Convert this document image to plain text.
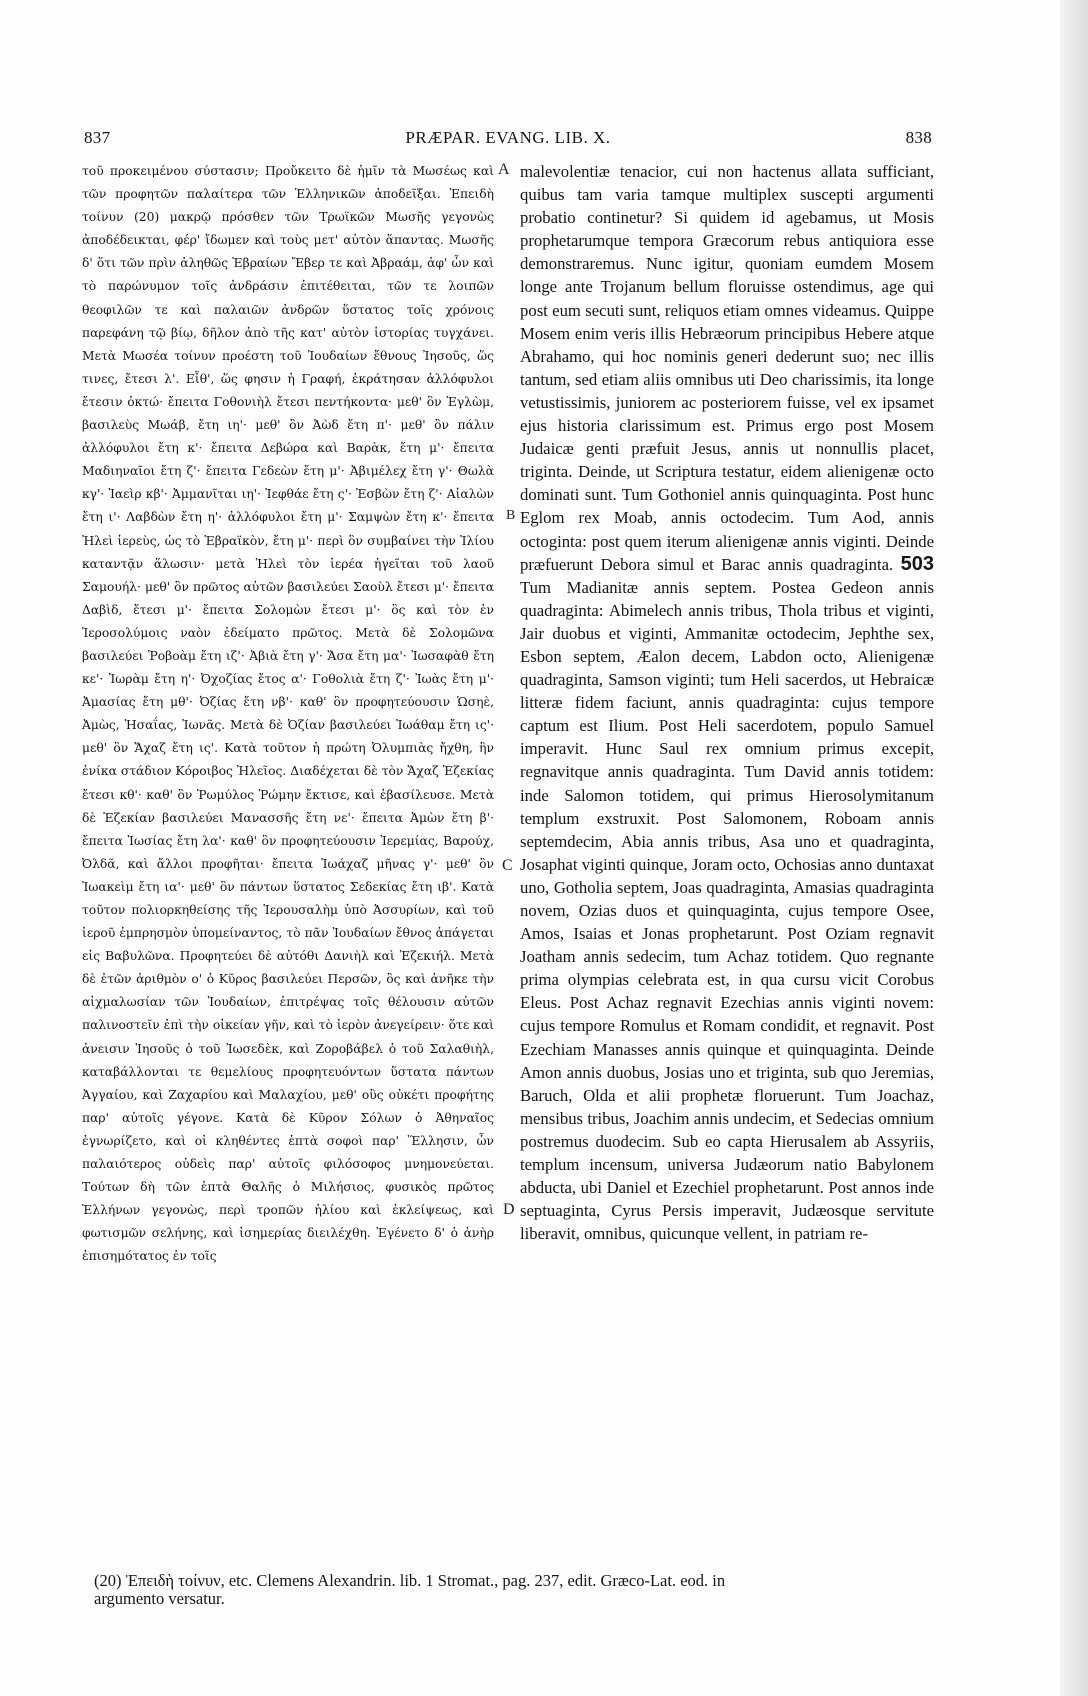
837	PRÆPAR. EVANG. LIB. X.	838

τοῦ προκειμένου σύστασιν; Προὔκειτο δὲ ἡμῖν τὰ Μωσέως καὶ τῶν προφητῶν παλαίτερα τῶν Ἑλληνικῶν ἀποδεῖξαι. Ἐπειδὴ τοίνυν (20) μακρῷ πρόσθεν τῶν Τρωϊκῶν Μωσῆς γεγονὼς ἀποδέδεικται, φέρ' ἴδωμεν καὶ τοὺς μετ' αὐτὸν ἅπαντας. Μωσῆς δ' ὅτι τῶν πρὶν ἀληθῶς Ἑβραίων Ἔβερ τε καὶ Ἀβραάμ, ἀφ' ὧν καὶ τὸ παρώνυμον τοῖς ἀνδράσιν ἐπιτέθειται, τῶν τε λοιπῶν θεοφιλῶν τε καὶ παλαιῶν ἀνδρῶν ὕστατος τοῖς χρόνοις παρεφάνη τῷ βίῳ, δῆλον ἀπὸ τῆς κατ' αὐτὸν ἱστορίας τυγχάνει. Μετὰ Μωσέα τοίνυν προέστη τοῦ Ἰουδαίων ἔθνους Ἰησοῦς, ὥς τινες, ἔτεσι λ'. Εἶθ', ὥς φησιν ἡ Γραφή, ἐκράτησαν ἀλλόφυλοι ἔτεσιν ὀκτώ· ἔπειτα Γοθονιὴλ ἔτεσι πεντήκοντα· μεθ' ὃν Ἐγλὼμ, βασιλεὺς Μωάβ, ἔτη ιη'· μεθ' ὃν Ἀὼδ ἔτη π'· μεθ' ὃν πάλιν ἀλλόφυλοι ἔτη κ'· ἔπειτα Δεβώρα καὶ Βαρὰκ, ἔτη μ'· ἔπειτα Μαδιηναῖοι ἔτη ζ'· ἔπειτα Γεδεὼν ἔτη μ'· Ἀβιμέλεχ ἔτη γ'· Θωλὰ κγ'· Ἰαεὶρ κβ'· Ἀμμανῖται ιη'· Ἰεφθάε ἔτη ς'· Ἐσβὼν ἔτη ζ'· Αἰαλὼν ἔτη ι'· Λαβδὼν ἔτη η'· ἀλλόφυλοι ἔτη μ'· Σαμψὼν ἔτη κ'· ἔπειτα Ἠλεὶ ἱερεὺς, ὡς τὸ Ἑβραϊκὸν, ἔτη μ'· περὶ ὃν συμβαίνει τὴν Ἰλίου καταντᾷν ἅλωσιν· μετὰ Ἠλεὶ τὸν ἱερέα ἡγεῖται τοῦ λαοῦ Σαμουήλ· μεθ' ὃν πρῶτος αὐτῶν βασιλεύει Σαοὺλ ἔτεσι μ'· ἔπειτα Δαβὶδ, ἔτεσι μ'· ἔπειτα Σολομὼν ἔτεσι μ'· ὃς καὶ τὸν ἐν Ἱεροσολύμοις ναὸν ἐδείματο πρῶτος. Μετὰ δὲ Σολομῶνα βασιλεύει Ῥοβοὰμ ἔτη ιζ'· Ἀβιὰ ἔτη γ'· Ἄσα ἔτη μα'· Ἰωσαφὰθ ἔτη κε'· Ἰωρὰμ ἔτη η'· Ὀχοζίας ἔτος α'· Γοθολιὰ ἔτη ζ'· Ἰωὰς ἔτη μ'· Ἀμασίας ἔτη μθ'· Ὀζίας ἔτη νβ'· καθ' ὃν προφητεύουσιν Ὡσηὲ, Ἀμὼς, Ἡσαΐας, Ἰωνᾶς. Μετὰ δὲ Ὀζίαν βασιλεύει Ἰωάθαμ ἔτη ις'· μεθ' ὃν Ἄχαζ ἔτη ις'. Κατὰ τοῦτον ἡ πρώτη Ὀλυμπιὰς ἤχθη, ἣν ἐνίκα στάδιον Κόροιβος Ἠλεῖος. Διαδέχεται δὲ τὸν Ἄχαζ Ἐζεκίας ἔτεσι κθ'· καθ' ὃν Ῥωμύλος Ῥώμην ἔκτισε, καὶ ἐβασίλευσε. Μετὰ δὲ Ἐζεκίαν βασιλεύει Μανασσῆς ἔτη νε'· ἔπειτα Ἀμὼν ἔτη β'· ἔπειτα Ἰωσίας ἔτη λα'· καθ' ὃν προφητεύουσιν Ἱερεμίας, Βαρούχ, Ὀλδᾶ, καὶ ἄλλοι προφῆται· ἔπειτα Ἰωάχαζ μῆνας γ'· μεθ' ὃν Ἰωακεὶμ ἔτη ια'· μεθ' ὃν πάντων ὕστατος Σεδεκίας ἔτη ιβ'. Κατὰ τοῦτον πολιορκηθείσης τῆς Ἱερουσαλὴμ ὑπὸ Ἀσσυρίων, καὶ τοῦ ἱεροῦ ἐμπρησμὸν ὑπομείναντος, τὸ πᾶν Ἰουδαίων ἔθνος ἀπάγεται εἰς Βαβυλῶνα. Προφητεύει δὲ αὐτόθι Δανιὴλ καὶ Ἐζεκιήλ. Μετὰ δὲ ἐτῶν ἀριθμὸν ο' ὁ Κῦρος βασιλεύει Περσῶν, ὃς καὶ ἀνῆκε τὴν αἰχμαλωσίαν τῶν Ἰουδαίων, ἐπιτρέψας τοῖς θέλουσιν αὐτῶν παλινοστεῖν ἐπὶ τὴν οἰκείαν γῆν, καὶ τὸ ἱερὸν ἀνεγείρειν· ὅτε καὶ ἀνεισιν Ἰησοῦς ὁ τοῦ Ἰωσεδὲκ, καὶ Ζοροβάβελ ὁ τοῦ Σαλαθιὴλ, καταβάλλονται τε θεμελίους προφητευόντων ὕστατα πάντων Ἀγγαίου, καὶ Ζαχαρίου καὶ Μαλαχίου, μεθ' οὓς οὐκέτι προφήτης παρ' αὐτοῖς γέγονε. Κατὰ δὲ Κῦρον Σόλων ὁ Ἀθηναῖος ἐγνωρίζετο, καὶ οἱ κληθέντες ἑπτὰ σοφοὶ παρ' Ἕλλησιν, ὧν παλαιότερος οὐδεὶς παρ' αὐτοῖς φιλόσοφος μνημονεύεται. Τούτων δὴ τῶν ἑπτὰ Θαλῆς ὁ Μιλήσιος, φυσικὸς πρῶτος Ἑλλήνων γεγονὼς, περὶ τροπῶν ἡλίου καὶ ἐκλείψεως, καὶ φωτισμῶν σελήνης, καὶ ἰσημερίας διειλέχθη. Ἐγένετο δ' ὁ ἀνὴρ ἐπισημότατος ἐν τοῖς

A
B
C
D

malevolentiæ tenacior, cui non hactenus allata sufficiant, quibus tam varia tamque multiplex suscepti argumenti probatio continetur? Si quidem id agebamus, ut Mosis prophetarumque tempora Græcorum rebus antiquiora esse demonstraremus. Nunc igitur, quoniam eumdem Mosem longe ante Trojanum bellum floruisse ostendimus, age qui post eum secuti sunt, reliquos etiam omnes videamus. Quippe Mosem enim veris illis Hebræorum principibus Hebere atque Abrahamo, qui hoc nominis generi dederunt suo; nec illis tantum, sed etiam aliis omnibus uti Deo charissimis, ita longe vetustissimis, juniorem ac posteriorem fuisse, vel ex ipsamet ejus historia clarissimum est. Primus ergo post Mosem Judaicæ genti præfuit Jesus, annis ut nonnullis placet, triginta. Deinde, ut Scriptura testatur, eidem alienigenæ octo dominati sunt. Tum Gothoniel annis quinquaginta. Post hunc Eglom rex Moab, annis octodecim. Tum Aod, annis octoginta: post quem iterum alienigenæ annis viginti. Deinde præfuerunt Debora simul et Barac annis quadraginta. 503 Tum Madianitæ annis septem. Postea Gedeon annis quadraginta: Abimelech annis tribus, Thola tribus et viginti, Jair duobus et viginti, Ammanitæ octodecim, Jephthe sex, Esbon septem, Æalon decem, Labdon octo, Alienigenæ quadraginta, Samson viginti; tum Heli sacerdos, ut Hebraicæ litteræ fidem faciunt, annis quadraginta: cujus tempore captum est Ilium. Post Heli sacerdotem, populo Samuel imperavit. Hunc Saul rex omnium primus excepit, regnavitque annis quadraginta. Tum David annis totidem: inde Salomon totidem, qui primus Hierosolymitanum templum exstruxit. Post Salomonem, Roboam annis septemdecim, Abia annis tribus, Asa uno et quadraginta, Josaphat viginti quinque, Joram octo, Ochosias anno duntaxat uno, Gotholia septem, Joas quadraginta, Amasias quadraginta novem, Ozias duos et quinquaginta, cujus tempore Osee, Amos, Isaias et Jonas prophetarunt. Post Oziam regnavit Joatham annis sedecim, tum Achaz totidem. Quo regnante prima olympias celebrata est, in qua cursu vicit Corobus Eleus. Post Achaz regnavit Ezechias annis viginti novem: cujus tempore Romulus et Romam condidit, et regnavit. Post Ezechiam Manasses annis quinque et quinquaginta. Deinde Amon annis duobus, Josias uno et triginta, sub quo Jeremias, Baruch, Olda et alii prophetæ floruerunt. Tum Joachaz, mensibus tribus, Joachim annis undecim, et Sedecias omnium postremus duodecim. Sub eo capta Hierusalem ab Assyriis, templum incensum, universa Judæorum natio Babylonem abducta, ubi Daniel et Ezechiel prophetarunt. Post annos inde septuaginta, Cyrus Persis imperavit, Judæosque servitute liberavit, omnibus, quicunque vellent, in patriam re-

(20) Ἐπειδὴ τοίνυν, etc. Clemens Alexandrin. lib. 1 Stromat., pag. 237, edit. Græco-Lat. eod. in

argumento versatur.
